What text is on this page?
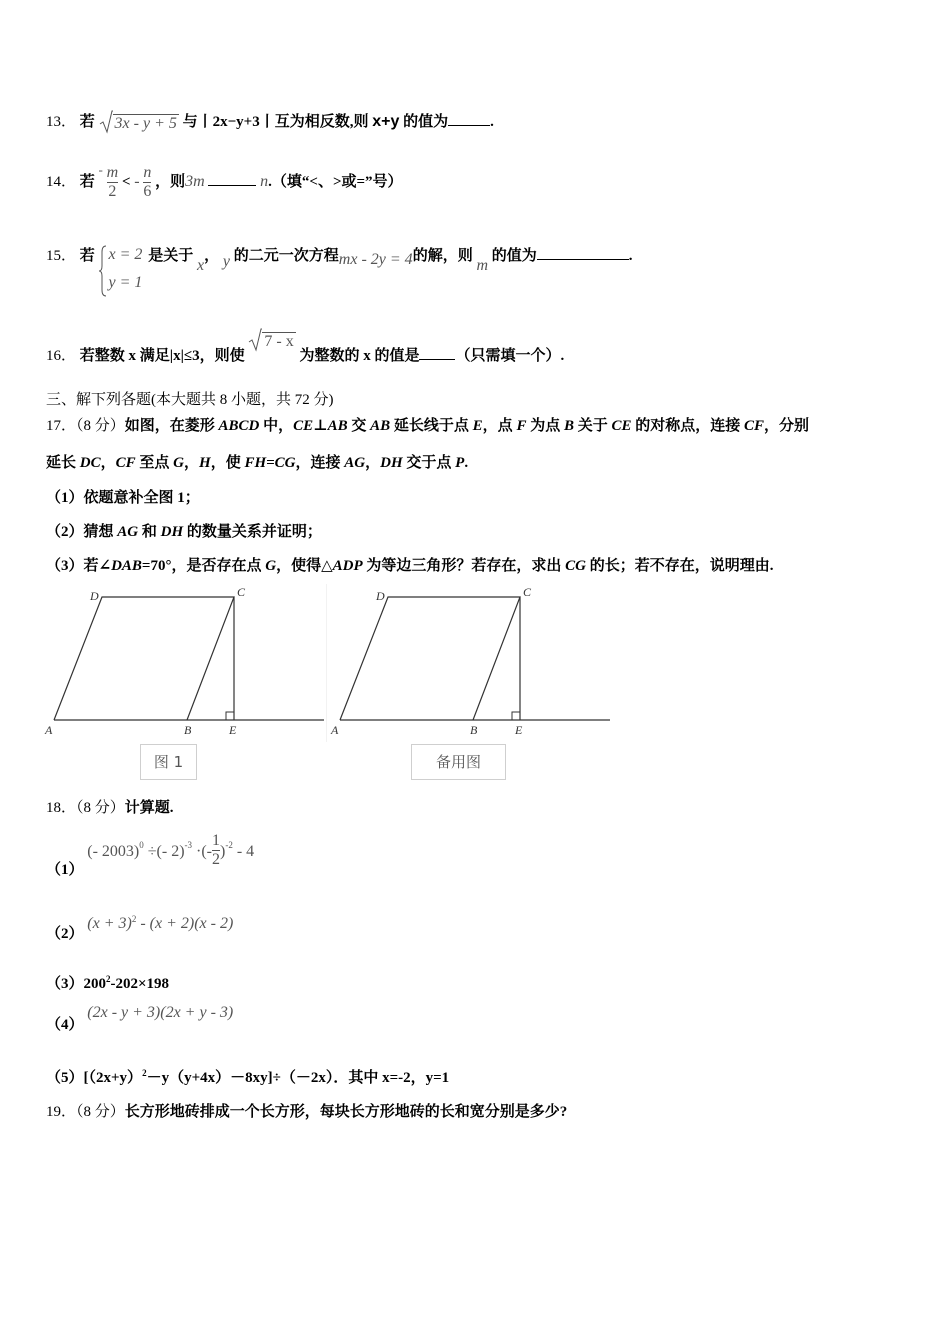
13． 若 3x - y + 5 与丨2x−y+3丨互为相反数,则 x+y 的值为	.
14． 若 - $\frac{m}{2}$ < - $\frac{n}{6}$ ，则3m	n.（填“<、>或=”号）
15． 若 x = 2
y = 1
是关于 x， y 的二元一次方程mx - 2y = 4的解，则 m 的值为	.
16． 若整数 x 满足|x|≤3，则使 7 - x 为整数的 x 的值是 （只需填一个）.
三、解下列各题(本大题共 8 小题，共 72 分)
17．（8 分）如图，在菱形 ABCD 中，CE⊥AB 交 AB 延长线于点 E，点 F 为点 B 关于 CE 的对称点，连接 CF，分别
延长 DC，CF 至点 G，H，使 FH=CG，连接 AG，DH 交于点 P.
（1）依题意补全图 1；
（2）猜想 AG 和 DH 的数量关系并证明；
（3）若∠DAB=70°，是否存在点 G，使得△ADP 为等边三角形？若存在，求出 CG 的长；若不存在，说明理由.
D	C
A	B	E
图 1
D	C
A	B	E
备用图
18．（8 分）计算题.
（1） (- 2003)$^0$ ÷(- 2)$^{-3}$ ·(- $\frac{1}{2} )^{-2} - 4$
（2） $(x + 3)^2 - (x + 2)(x - 2)$
$(3)200^2-202\times 198$
（4） (2x - y + 3)(2x + y - 3)
$(5)[(2x+y)^2-y(y+4x)-8xy]\div(-2x)$．其中 x=-2，y=1
19．（8 分）长方形地砖排成一个长方形，每块长方形地砖的长和宽分别是多少?
